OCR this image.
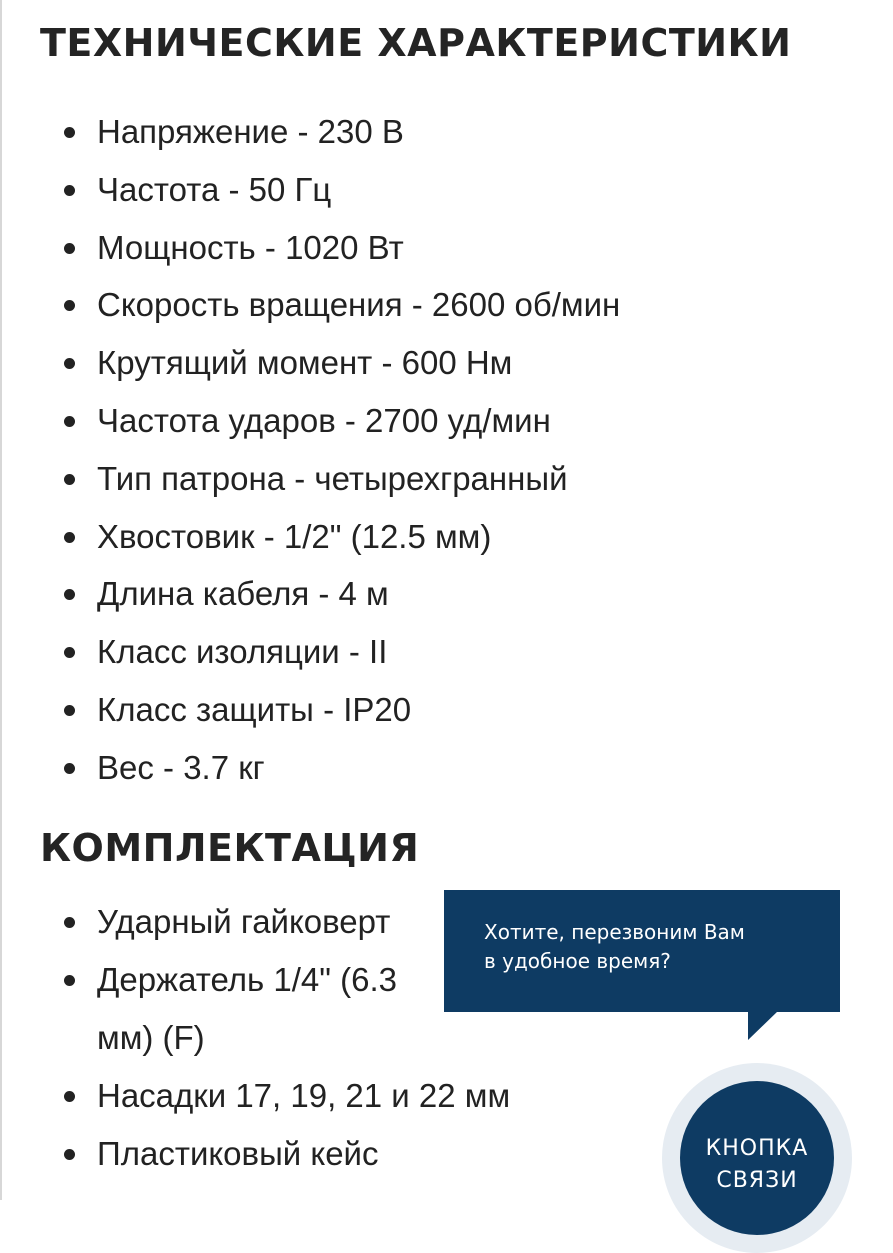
ТЕХНИЧЕСКИЕ ХАРАКТЕРИСТИКИ
Напряжение - 230 В
Частота - 50 Гц
Мощность - 1020 Вт
Скорость вращения - 2600 об/мин
Крутящий момент - 600 Нм
Частота ударов - 2700 уд/мин
Тип патрона - четырехгранный
Хвостовик - 1/2" (12.5 мм)
Длина кабеля - 4 м
Класс изоляции - II
Класс защиты - IP20
Вес - 3.7 кг
КОМПЛЕКТАЦИЯ
Ударный гайковерт
Держатель 1/4" (6.3 мм) (F)
Насадки 17, 19, 21 и 22 мм
Пластиковый кейс
Хотите, перезвоним Вам
в удобное время?
КНОПКА
СВЯЗИ
